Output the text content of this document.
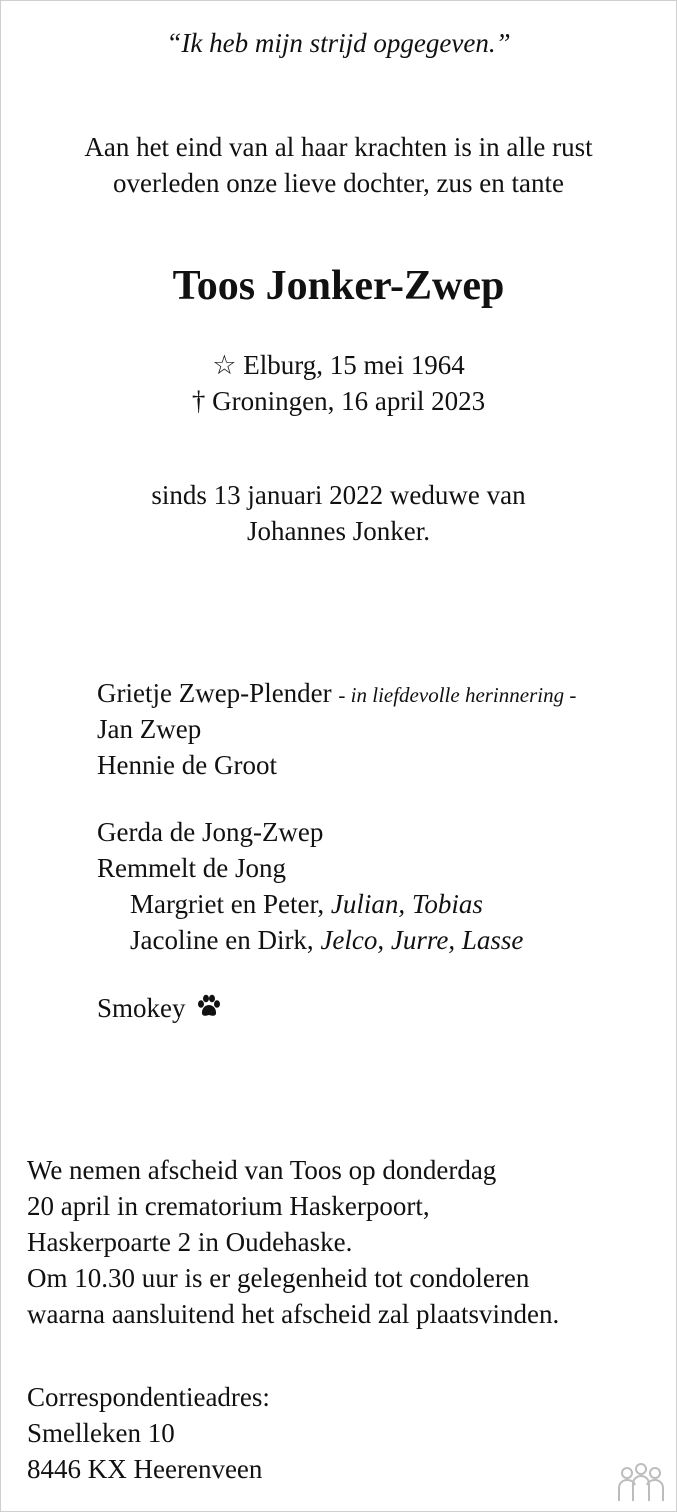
“Ik heb mijn strijd opgegeven.”

Aan het eind van al haar krachten is in alle rust
overleden onze lieve dochter, zus en tante
Toos Jonker-Zwep
☆ Elburg, 15 mei 1964
† Groningen, 16 april 2023
sinds 13 januari 2022 weduwe van
Johannes Jonker.
Grietje Zwep-Plender - in liefdevolle herinnering -
Jan Zwep
Hennie de Groot
Gerda de Jong-Zwep
Remmelt de Jong
Margriet en Peter, Julian, Tobias
Jacoline en Dirk, Jelco, Jurre, Lasse
Smokey
We nemen afscheid van Toos op donderdag
20 april in crematorium Haskerpoort,
Haskerpoarte 2 in Oudehaske.
Om 10.30 uur is er gelegenheid tot condoleren
waarna aansluitend het afscheid zal plaatsvinden.
Correspondentieadres:
Smelleken 10
8446 KX Heerenveen
